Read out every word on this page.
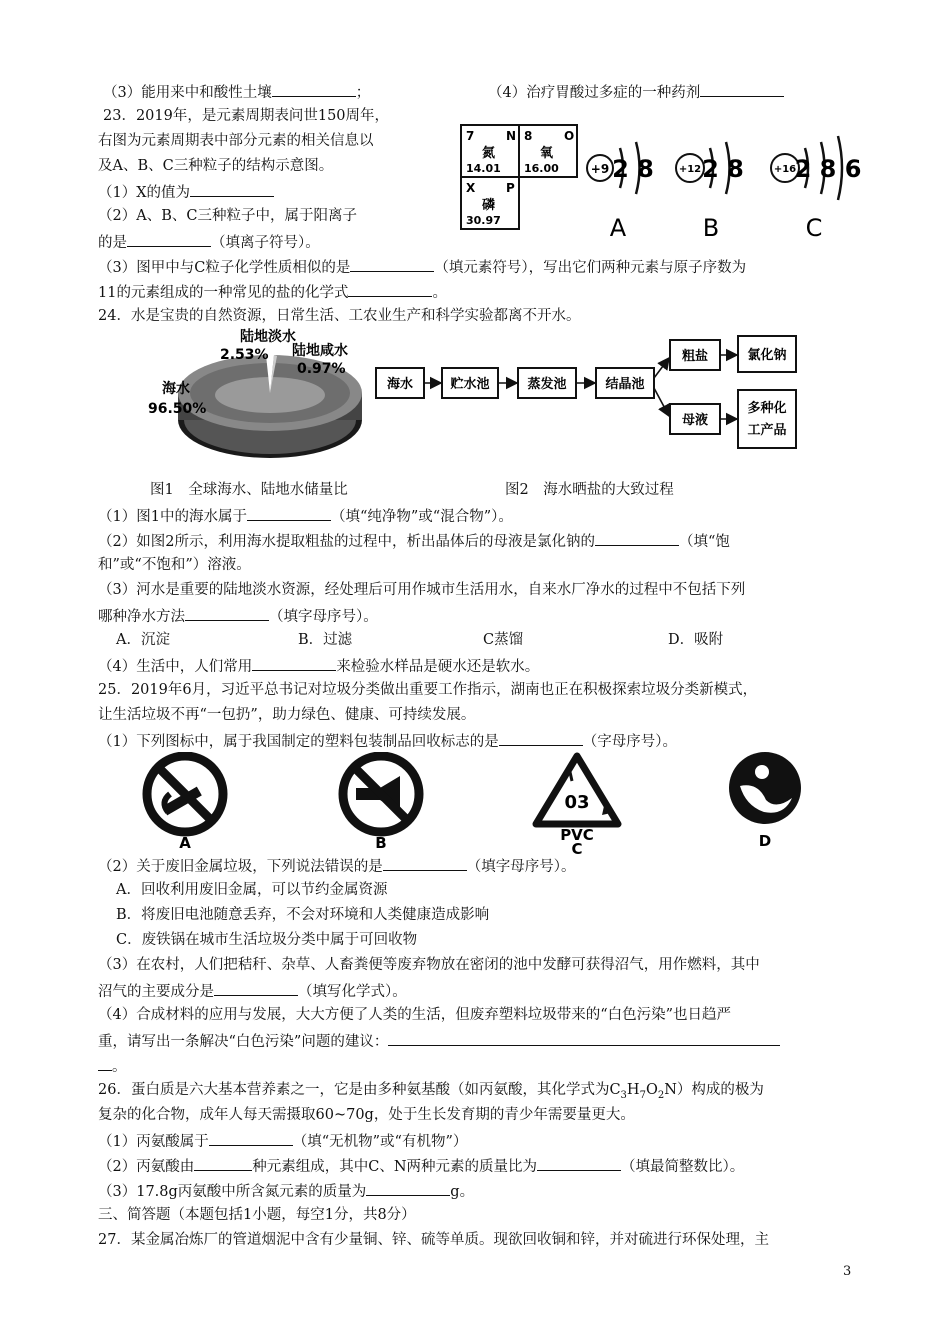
（3）能用来中和酸性土壤	；	（4）治疗胃酸过多症的一种药剂
23．2019年，是元素周期表问世150周年，
右图为元素周期表中部分元素的相关信息以
及A、B、C三种粒子的结构示意图。
（1）X的值为
（2）A、B、C三种粒子中，属于阳离子
的是	（填离子符号）。
7	N
氮
14.01
8	O
氧
16.00
X	P
磷
30.97
+9 2 8
A
+12 2 8
B
+16
2 8 6
C
（3）图甲中与C粒子化学性质相似的是	（填元素符号），写出它们两种元素与原子序数为
11的元素组成的一种常见的盐的化学式	。
24．水是宝贵的自然资源，日常生活、工农业生产和科学实验都离不开水。
陆地淡水
2.53% 陆地咸水
0.97%
海水
96.50%
海水	贮水池	蒸发池	结晶池
粗盐	氯化钠
母液
多种化
工产品
图1　全球海水、陆地水储量比	图2　海水晒盐的大致过程
（1）图1中的海水属于	（填“纯净物”或“混合物”）。
（2）如图2所示，利用海水提取粗盐的过程中，析出晶体后的母液是氯化钠的	（填“饱
和”或“不饱和”）溶液。
（3）河水是重要的陆地淡水资源，经处理后可用作城市生活用水，自来水厂净水的过程中不包括下列
哪种净水方法	（填字母序号）。
A．沉淀	B．过滤	C蒸馏	D．吸附
（4）生活中，人们常用	来检验水样品是硬水还是软水。
25．2019年6月，习近平总书记对垃圾分类做出重要工作指示，湖南也正在积极探索垃圾分类新模式，
让生活垃圾不再“一包扔”，助力绿色、健康、可持续发展。
（1）下列图标中，属于我国制定的塑料包装制品回收标志的是	（字母序号）。
A	B
03
PVC
C	D
（2）关于废旧金属垃圾，下列说法错误的是	（填字母序号）。
A．回收利用废旧金属，可以节约金属资源
B．将废旧电池随意丢弃，不会对环境和人类健康造成影响
C．废铁锅在城市生活垃圾分类中属于可回收物
（3）在农村，人们把秸秆、杂草、人畜粪便等废弃物放在密闭的池中发酵可获得沼气，用作燃料，其中
沼气的主要成分是	（填写化学式）。
（4）合成材料的应用与发展，大大方便了人类的生活，但废弃塑料垃圾带来的“白色污染”也日趋严
重，请写出一条解决“白色污染”问题的建议：
。
26．蛋白质是六大基本营养素之一，它是由多种氨基酸（如丙氨酸，其化学式为$C_3H_7O_2N$）构成的极为
复杂的化合物，成年人每天需摄取60~70g，处于生长发育期的青少年需要量更大。
（1）丙氨酸属于	（填“无机物”或“有机物”）
（2）丙氨酸由	种元素组成，其中C、N两种元素的质量比为	（填最简整数比）。
（3）17.8g丙氨酸中所含氮元素的质量为	g。
三、简答题（本题包括1小题，每空1分，共8分）
27．某金属冶炼厂的管道烟泥中含有少量铜、锌、硫等单质。现欲回收铜和锌，并对硫进行环保处理，主
3
